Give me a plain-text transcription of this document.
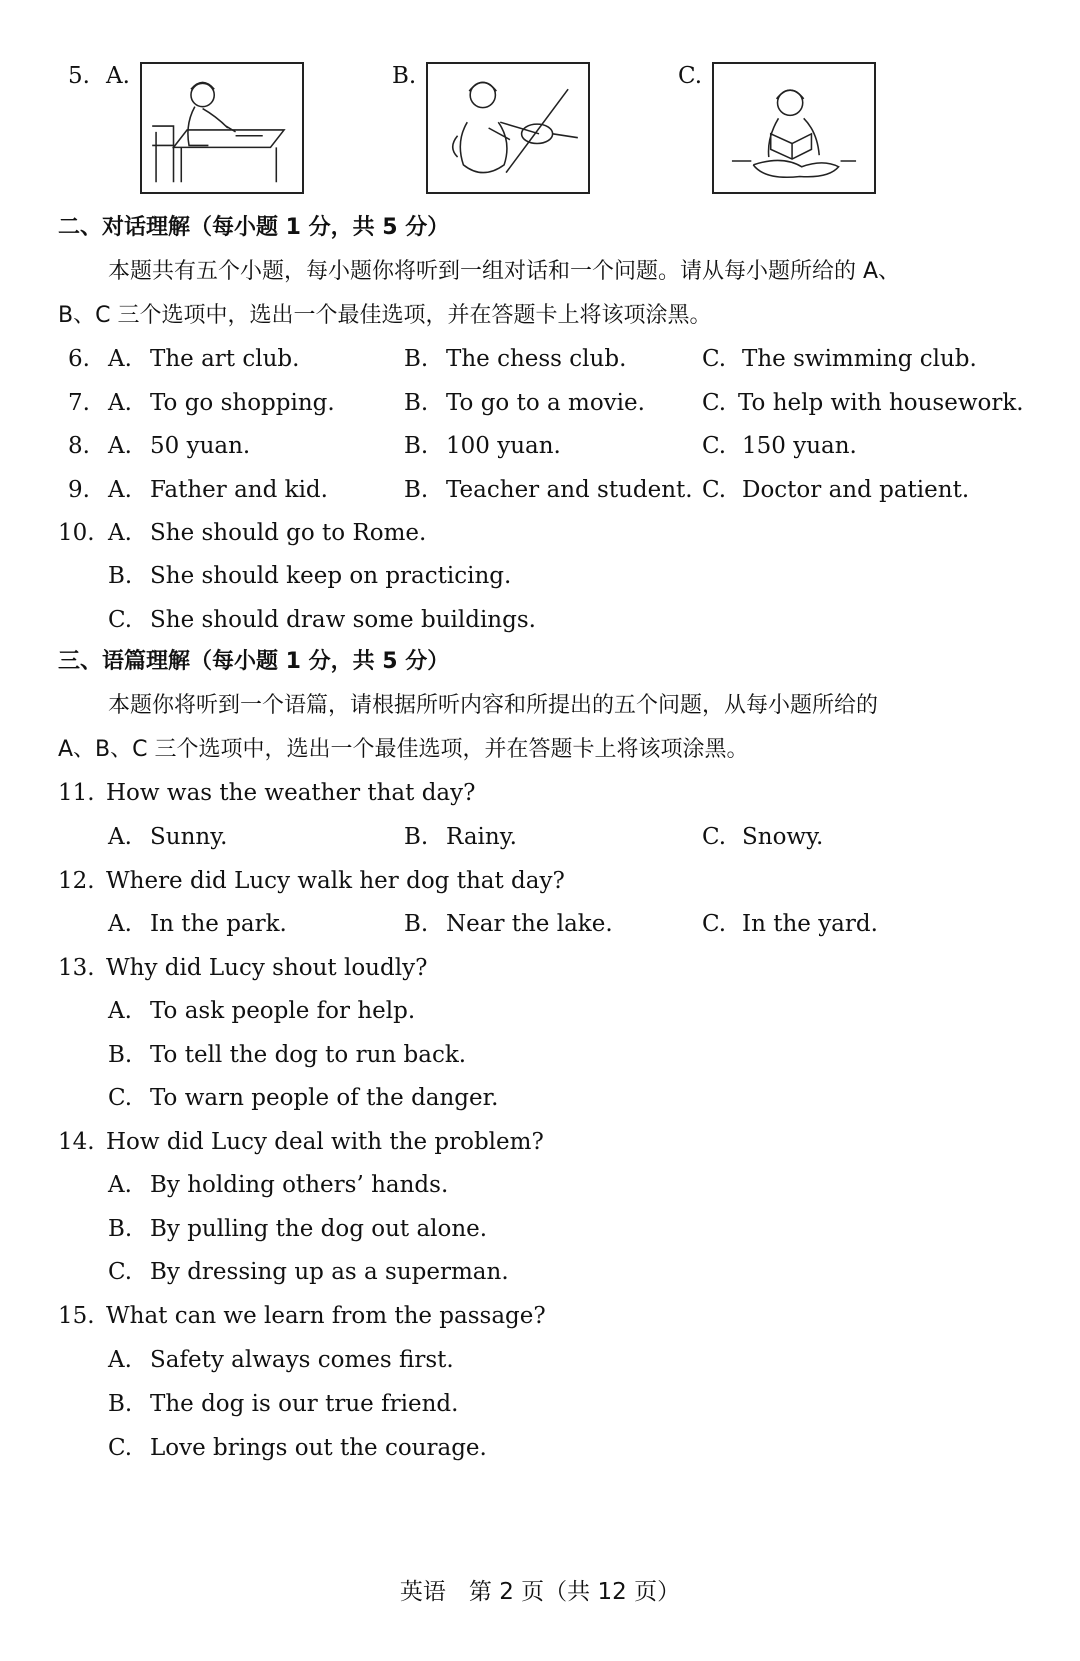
5. A.	B.	C.
二、对话理解（每小题 1 分，共 5 分）
本题共有五个小题，每小题你将听到一组对话和一个问题。请从每小题所给的 A、
B、C 三个选项中，选出一个最佳选项，并在答题卡上将该项涂黑。
6. A. The art club.	B. The chess club.	C. The swimming club.
7. A. To go shopping.	B. To go to a movie. C. To help with housework.
8. A. 50 yuan.	B. 100 yuan.	C. 150 yuan.
9. A. Father and kid.	B. Teacher and student. C. Doctor and patient.
10. A. She should go to Rome.
B. She should keep on practicing.
C. She should draw some buildings.
三、语篇理解（每小题 1 分，共 5 分）
本题你将听到一个语篇，请根据所听内容和所提出的五个问题，从每小题所给的
A、B、C 三个选项中，选出一个最佳选项，并在答题卡上将该项涂黑。
11. How was the weather that day?
A. Sunny.	B. Rainy.	C. Snowy.
12. Where did Lucy walk her dog that day?
A. In the park.	B. Near the lake.	C. In the yard.
13. Why did Lucy shout loudly?
A. To ask people for help.
B. To tell the dog to run back.
C. To warn people of the danger.
14. How did Lucy deal with the problem?
A. By holding others’ hands.
B. By pulling the dog out alone.
C. By dressing up as a superman.
15. What can we learn from the passage?
A. Safety always comes first.
B. The dog is our true friend.
C. Love brings out the courage.
英语　第 2 页（共 12 页）
